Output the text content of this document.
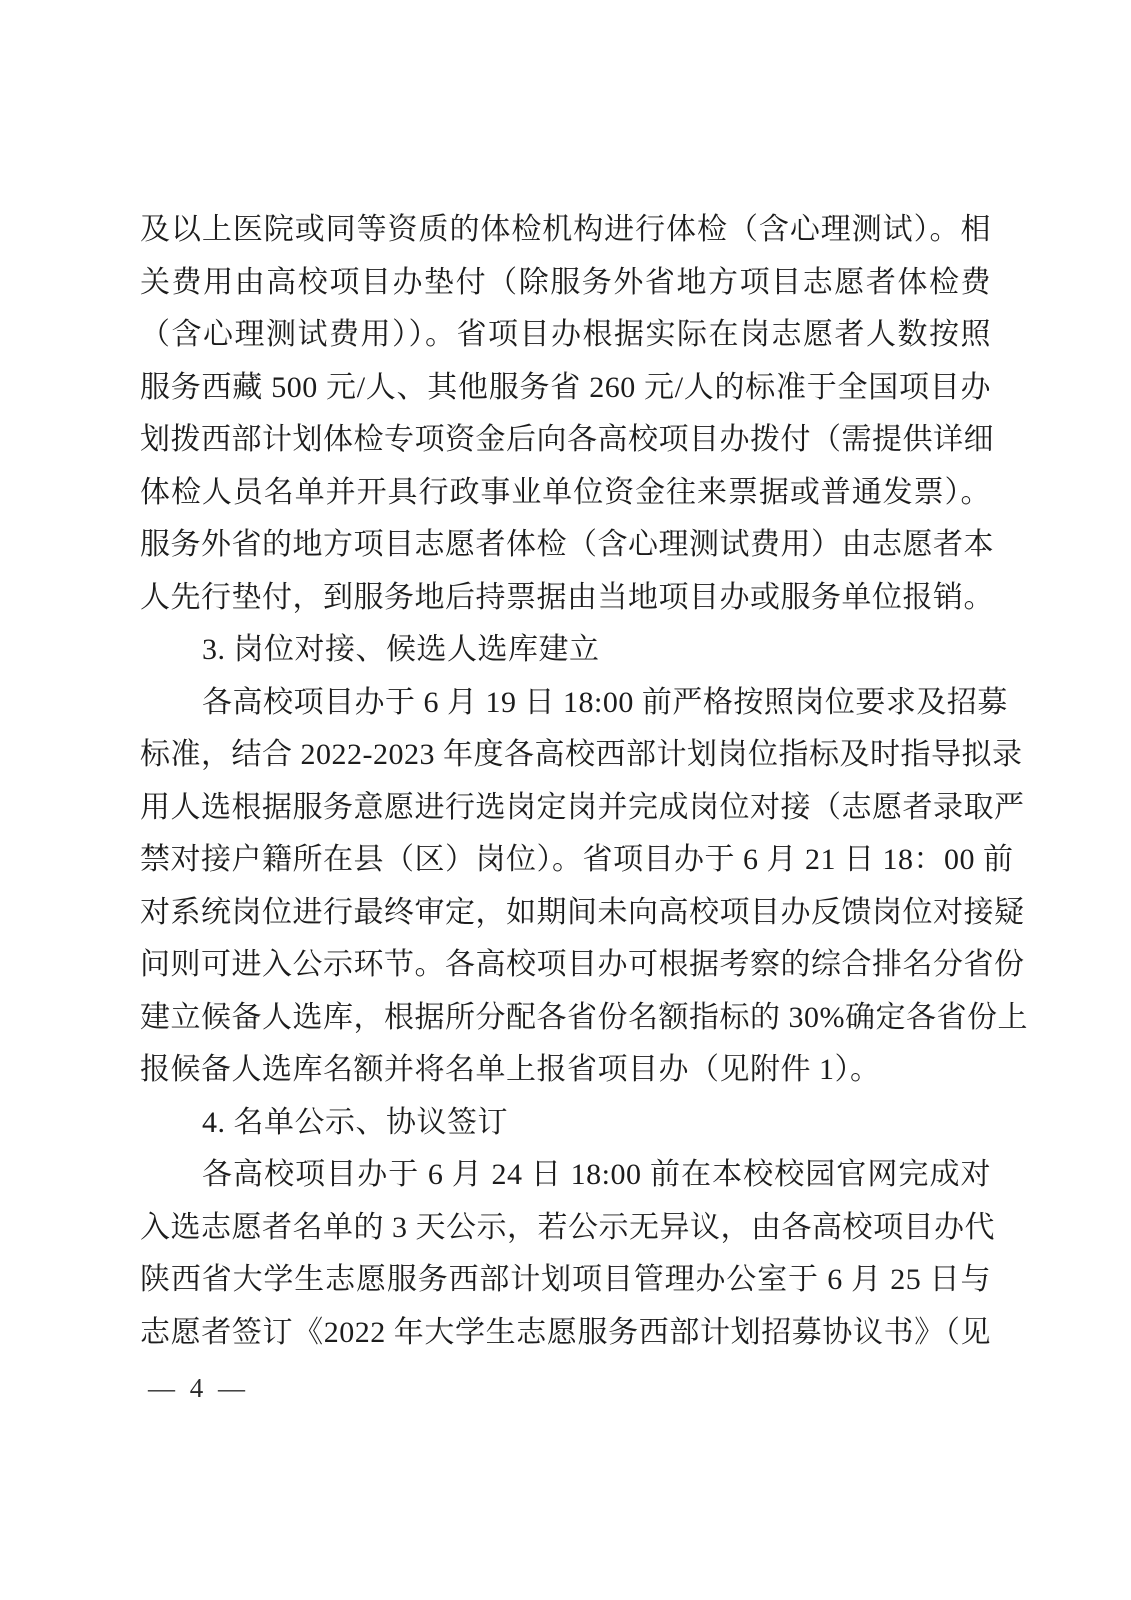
及以上医院或同等资质的体检机构进行体检（含心理测试）。相
关费用由高校项目办垫付（除服务外省地方项目志愿者体检费
（含心理测试费用））。省项目办根据实际在岗志愿者人数按照
服务西藏 500 元/人、其他服务省 260 元/人的标准于全国项目办
划拨西部计划体检专项资金后向各高校项目办拨付（需提供详细
体检人员名单并开具行政事业单位资金往来票据或普通发票）。
服务外省的地方项目志愿者体检（含心理测试费用）由志愿者本
人先行垫付，到服务地后持票据由当地项目办或服务单位报销。
3. 岗位对接、候选人选库建立
各高校项目办于 6 月 19 日 18:00 前严格按照岗位要求及招募
标准，结合 2022-2023 年度各高校西部计划岗位指标及时指导拟录
用人选根据服务意愿进行选岗定岗并完成岗位对接（志愿者录取严
禁对接户籍所在县（区）岗位）。省项目办于 6 月 21 日 18：00 前
对系统岗位进行最终审定，如期间未向高校项目办反馈岗位对接疑
问则可进入公示环节。各高校项目办可根据考察的综合排名分省份
建立候备人选库，根据所分配各省份名额指标的 30%确定各省份上
报候备人选库名额并将名单上报省项目办（见附件 1）。
4. 名单公示、协议签订
各高校项目办于 6 月 24 日 18:00 前在本校校园官网完成对
入选志愿者名单的 3 天公示，若公示无异议，由各高校项目办代
陕西省大学生志愿服务西部计划项目管理办公室于 6 月 25 日与
志愿者签订《2022 年大学生志愿服务西部计划招募协议书》（见
— 4 —
